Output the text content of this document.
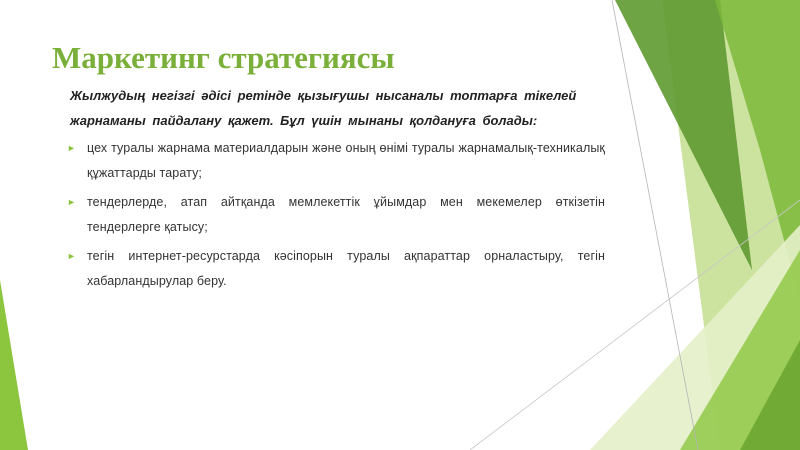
Маркетинг стратегиясы

Жылжудың негізгі әдісі ретінде қызығушы нысаналы топтарға тікелей жарнаманы пайдалану қажет. Бұл үшін мынаны қолдануға болады:

► цех туралы жарнама материалдарын және оның өнімі туралы жарнамалық-техникалық құжаттарды тарату;
► тендерлерде, атап айтқанда мемлекеттік ұйымдар мен мекемелер өткізетін тендерлерге қатысу;
► тегін интернет-ресурстарда кәсіпорын туралы ақпараттар орналастыру, тегін хабарландырулар беру.
